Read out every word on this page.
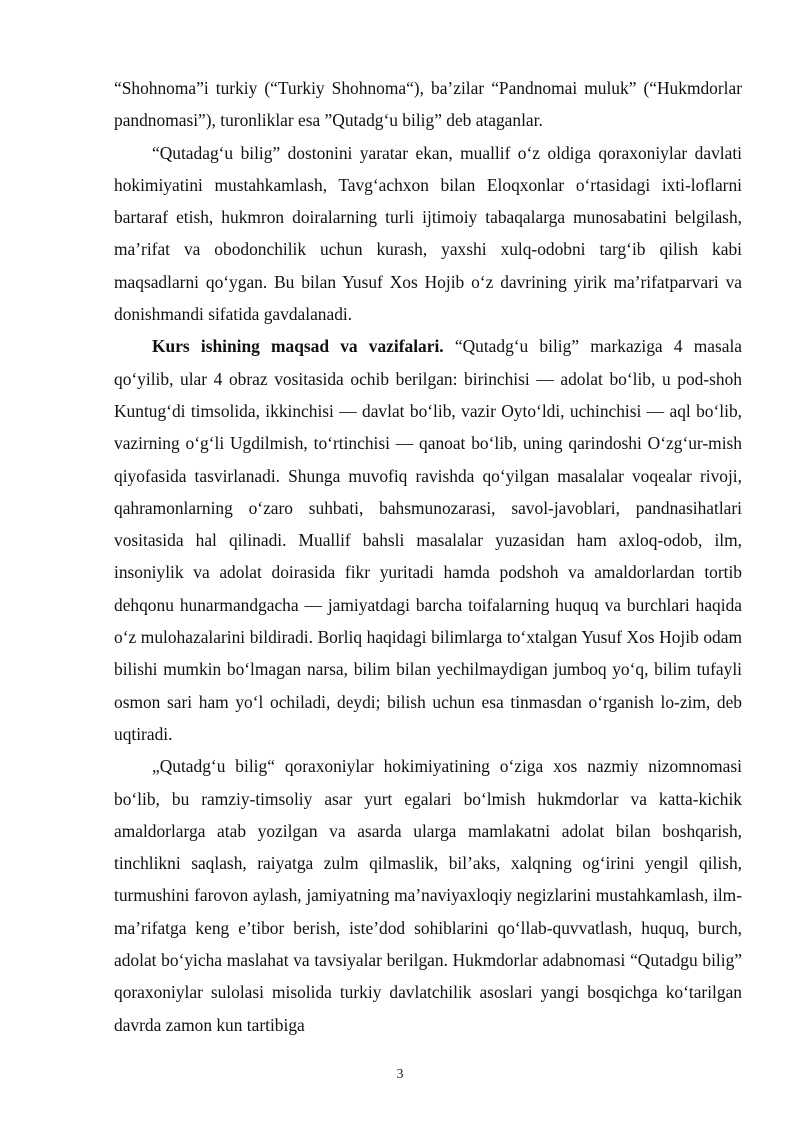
“Shohnoma”i turkiy (“Turkiy Shohnoma“), ba’zilar “Pandnomai muluk” (“Hukmdorlar pandnomasi”), turonliklar esa ”Qutadg‘u bilig” deb ataganlar.

“Qutadag‘u bilig” dostonini yaratar ekan, muallif o‘z oldiga qoraxoniylar davlati hokimiyatini mustahkamlash, Tavg‘achxon bilan Eloqxonlar o‘rtasidagi ixti-loflarni bartaraf etish, hukmron doiralarning turli ijtimoiy tabaqalarga munosabatini belgilash, ma’rifat va obodonchilik uchun kurash, yaxshi xulq-odobni targ‘ib qilish kabi maqsadlarni qo‘ygan. Bu bilan Yusuf Xos Hojib o‘z davrining yirik ma’rifatparvari va donishmandi sifatida gavdalanadi.

Kurs ishining maqsad va vazifalari. “Qutadg‘u bilig” markaziga 4 masala qo‘yilib, ular 4 obraz vositasida ochib berilgan: birinchisi — adolat bo‘lib, u pod-shoh Kuntug‘di timsolida, ikkinchisi — davlat bo‘lib, vazir Oyto‘ldi, uchinchisi — aql bo‘lib, vazirning o‘g‘li Ugdilmish, to‘rtinchisi — qanoat bo‘lib, uning qarindoshi O‘zg‘ur-mish qiyofasida tasvirlanadi. Shunga muvofiq ravishda qo‘yilgan masalalar voqealar rivoji, qahramonlarning o‘zaro suhbati, bahsmunozarasi, savol-javoblari, pandnasihatlari vositasida hal qilinadi. Muallif bahsli masalalar yuzasidan ham axloq-odob, ilm, insoniylik va adolat doirasida fikr yuritadi hamda podshoh va amaldorlardan tortib dehqonu hunarmandgacha — jamiyatdagi barcha toifalarning huquq va burchlari haqida o‘z mulohazalarini bildiradi. Borliq haqidagi bilimlarga to‘xtalgan Yusuf Xos Hojib odam bilishi mumkin bo‘lmagan narsa, bilim bilan yechilmaydigan jumboq yo‘q, bilim tufayli osmon sari ham yo‘l ochiladi, deydi; bilish uchun esa tinmasdan o‘rganish lo-zim, deb uqtiradi.

„Qutadg‘u bilig“ qoraxoniylar hokimiyatining o‘ziga xos nazmiy nizomnomasi bo‘lib, bu ramziy-timsoliy asar yurt egalari bo‘lmish hukmdorlar va katta-kichik amaldorlarga atab yozilgan va asarda ularga mamlakatni adolat bilan boshqarish, tinchlikni saqlash, raiyatga zulm qilmaslik, bil’aks, xalqning og‘irini yengil qilish, turmushini farovon aylash, jamiyatning ma’naviyaxloqiy negizlarini mustahkamlash, ilm-ma’rifatga keng e’tibor berish, iste’dod sohiblarini qo‘llab-quvvatlash, huquq, burch, adolat bo‘yicha maslahat va tavsiyalar berilgan. Hukmdorlar adabnomasi “Qutadgu bilig” qoraxoniylar sulolasi misolida turkiy davlatchilik asoslari yangi bosqichga ko‘tarilgan davrda zamon kun tartibiga

3
